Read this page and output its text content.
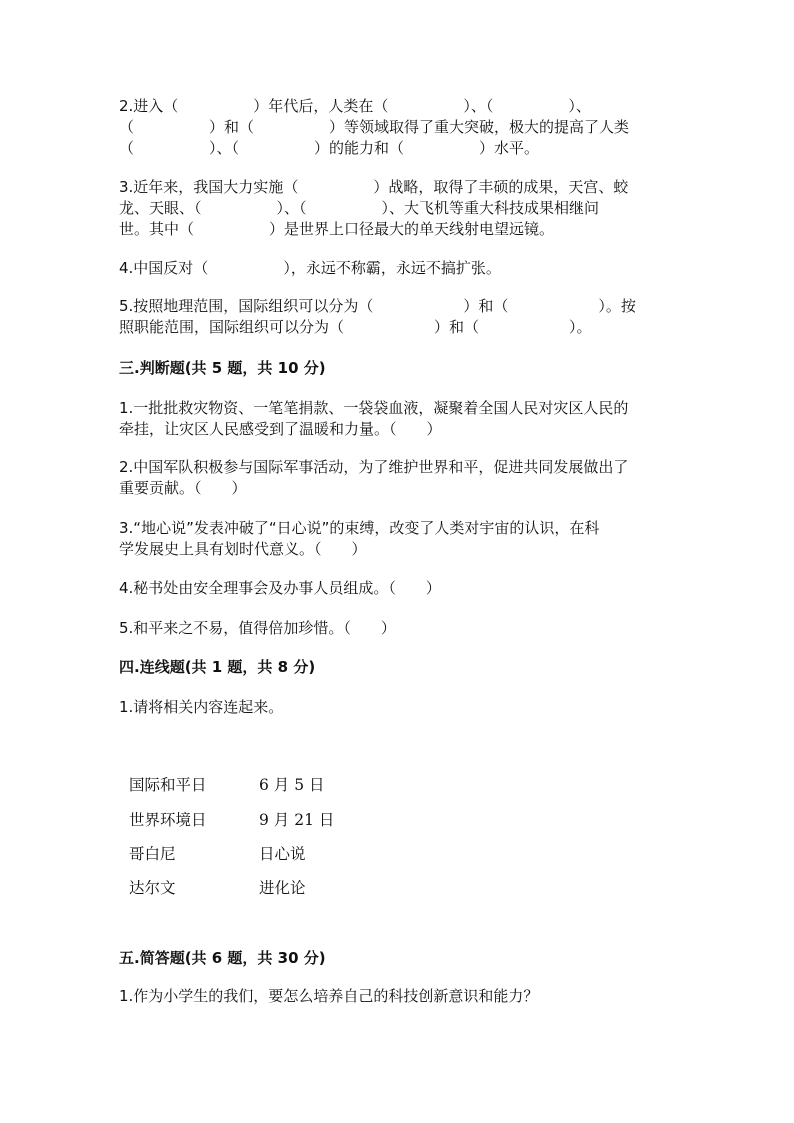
2.进入（　　　　　）年代后，人类在（　　　　　）、（　　　　　）、
（　　　　　）和（　　　　　）等领域取得了重大突破，极大的提高了人类
（　　　　　）、（　　　　　）的能力和（　　　　　）水平。

3.近年来，我国大力实施（　　　　　）战略，取得了丰硕的成果，天宫、蛟
龙、天眼、（　　　　　）、（　　　　　）、大飞机等重大科技成果相继问
世。其中（　　　　　）是世界上口径最大的单天线射电望远镜。

4.中国反对（　　　　　），永远不称霸，永远不搞扩张。

5.按照地理范围，国际组织可以分为（　　　　　　）和（　　　　　　）。按
照职能范围，国际组织可以分为（　　　　　　）和（　　　　　　）。

三.判断题(共 5 题，共 10 分)

1.一批批救灾物资、一笔笔捐款、一袋袋血液，凝聚着全国人民对灾区人民的
牵挂，让灾区人民感受到了温暖和力量。（　　）

2.中国军队积极参与国际军事活动，为了维护世界和平，促进共同发展做出了
重要贡献。（　　）

3.“地心说”发表冲破了“日心说”的束缚，改变了人类对宇宙的认识，在科
学发展史上具有划时代意义。（　　）

4.秘书处由安全理事会及办事人员组成。（　　）

5.和平来之不易，值得倍加珍惜。（　　）

四.连线题(共 1 题，共 8 分)

1.请将相关内容连起来。

国际和平日	6 月 5 日

世界环境日	9 月 21 日

哥白尼	日心说

达尔文	进化论

五.简答题(共 6 题，共 30 分)

1.作为小学生的我们，要怎么培养自己的科技创新意识和能力？
